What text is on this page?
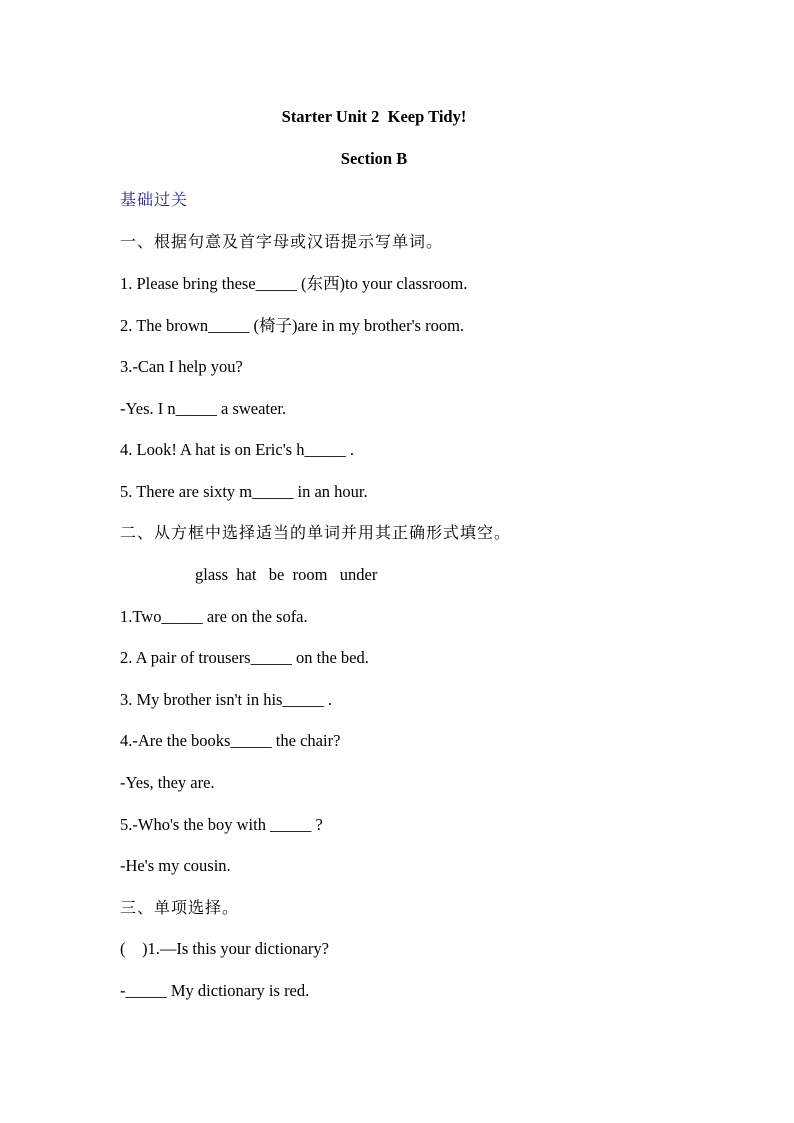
Starter Unit 2  Keep Tidy!
Section B
基础过关
一、根据句意及首字母或汉语提示写单词。
1. Please bring these_____ (东西)to your classroom.
2. The brown_____ (椅子)are in my brother's room.
3.-Can I help you?
-Yes. I n_____ a sweater.
4. Look! A hat is on Eric's h_____ .
5. There are sixty m_____ in an hour.
二、从方框中选择适当的单词并用其正确形式填空。
glass  hat   be  room   under
1.Two_____ are on the sofa.
2. A pair of trousers_____ on the bed.
3. My brother isn't in his_____ .
4.-Are the books_____ the chair?
-Yes, they are.
5.-Who's the boy with _____ ?
-He's my cousin.
三、单项选择。
(    )1.—Is this your dictionary?
-_____ My dictionary is red.
